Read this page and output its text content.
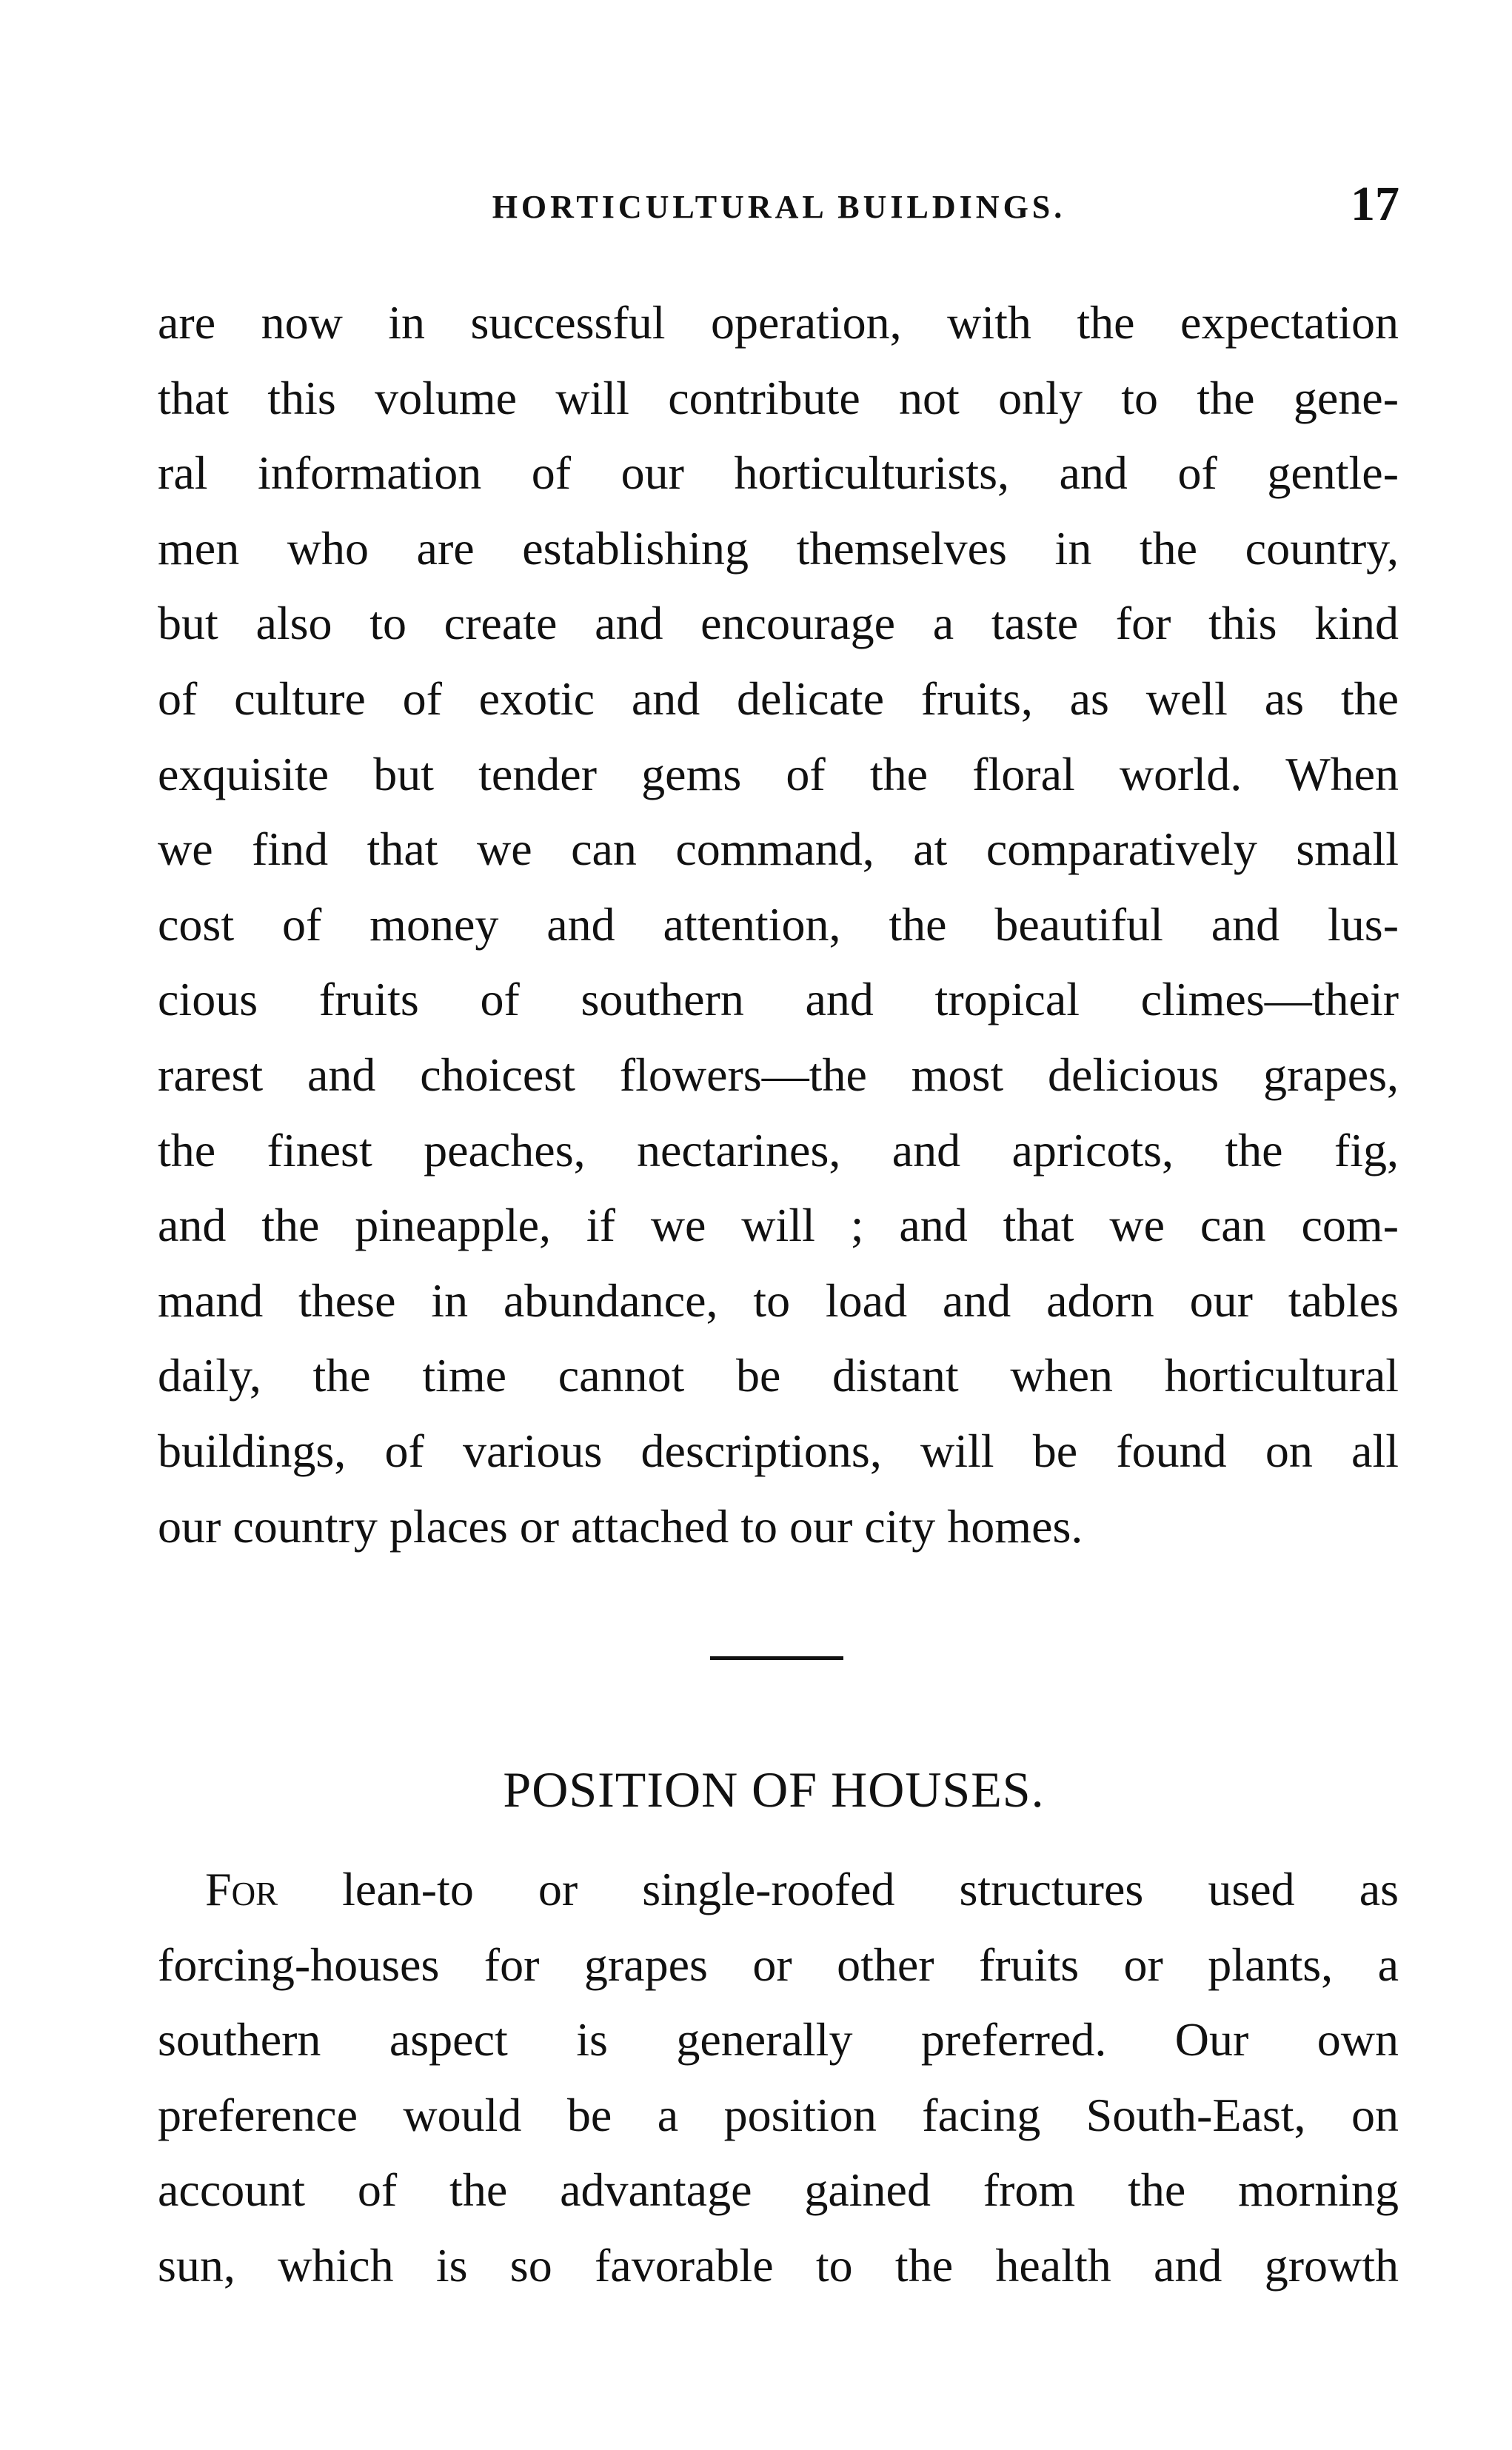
HORTICULTURAL BUILDINGS.	17
are now in successful operation, with the expectation
that this volume will contribute not only to the gene-
ral information of our horticulturists, and of gentle-
men who are establishing themselves in the country,
but also to create and encourage a taste for this kind
of culture of exotic and delicate fruits, as well as the
exquisite but tender gems of the floral world. When
we find that we can command, at comparatively small
cost of money and attention, the beautiful and lus-
cious fruits of southern and tropical climes—their
rarest and choicest flowers—the most delicious grapes,
the finest peaches, nectarines, and apricots, the fig,
and the pineapple, if we will ; and that we can com-
mand these in abundance, to load and adorn our tables
daily, the time cannot be distant when horticultural
buildings, of various descriptions, will be found on all
our country places or attached to our city homes.
POSITION OF HOUSES.
For lean-to or single-roofed structures used as
forcing-houses for grapes or other fruits or plants, a
southern aspect is generally preferred. Our own
preference would be a position facing South-East, on
account of the advantage gained from the morning
sun, which is so favorable to the health and growth
